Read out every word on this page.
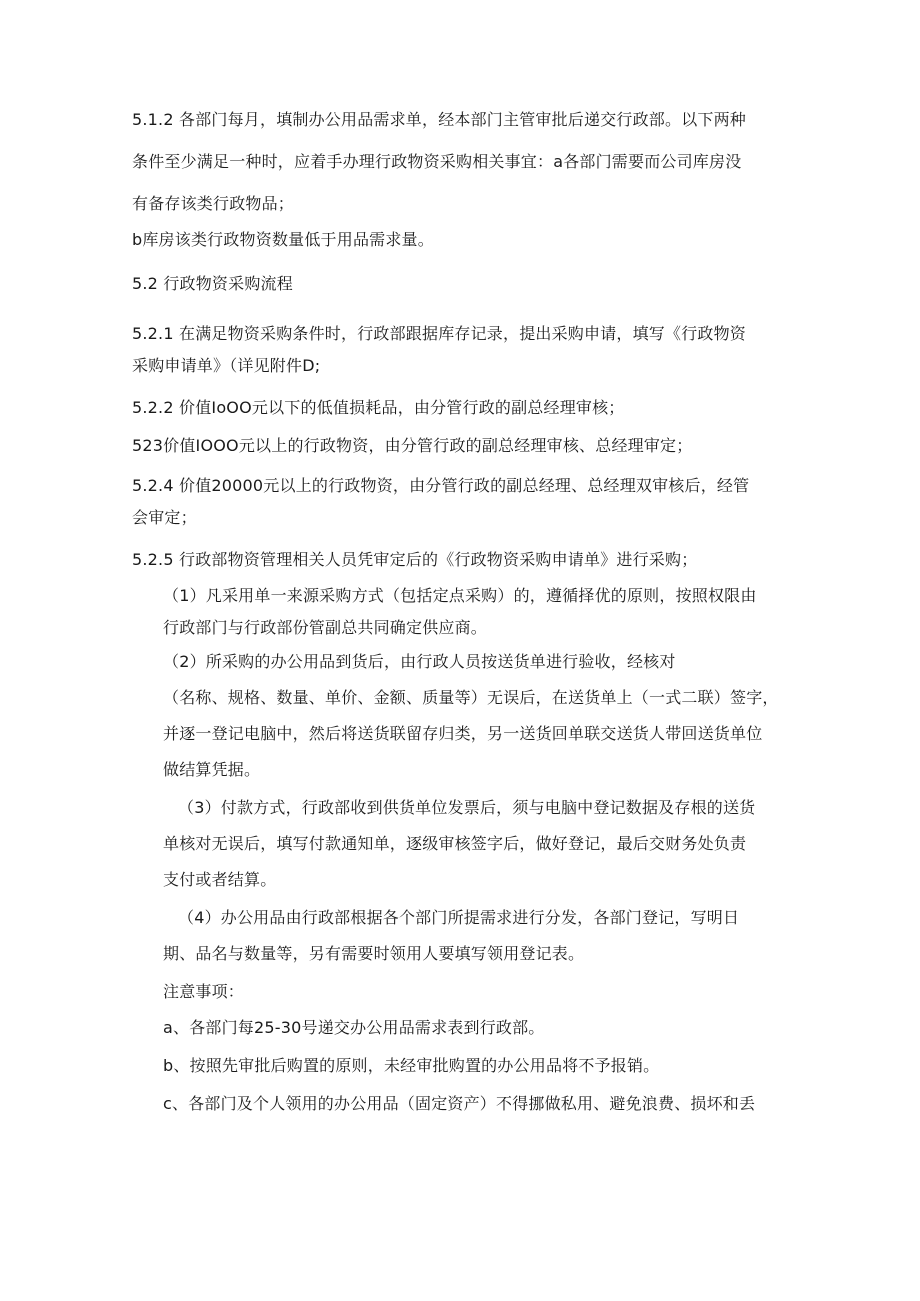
5.1.2 各部门每月，填制办公用品需求单，经本部门主管审批后递交行政部。以下两种

条件至少满足一种时，应着手办理行政物资采购相关事宜：a各部门需要而公司库房没

有备存该类行政物品；

b库房该类行政物资数量低于用品需求量。

5.2 行政物资采购流程

5.2.1 在满足物资采购条件时，行政部跟据库存记录，提出采购申请，填写《行政物资

采购申请单》（详见附件D;

5.2.2 价值IoOO元以下的低值损耗品，由分管行政的副总经理审核；

523价值IOOO元以上的行政物资，由分管行政的副总经理审核、总经理审定；

5.2.4 价值20000元以上的行政物资，由分管行政的副总经理、总经理双审核后，经管

会审定；

5.2.5 行政部物资管理相关人员凭审定后的《行政物资采购申请单》进行采购；

（1）凡采用单一来源采购方式（包括定点采购）的，遵循择优的原则，按照权限由

行政部门与行政部份管副总共同确定供应商。

（2）所采购的办公用品到货后，由行政人员按送货单进行验收，经核对

（名称、规格、数量、单价、金额、质量等）无误后，在送货单上（一式二联）签字，

并逐一登记电脑中，然后将送货联留存归类，另一送货回单联交送货人带回送货单位

做结算凭据。

（3）付款方式，行政部收到供货单位发票后，须与电脑中登记数据及存根的送货

单核对无误后，填写付款通知单，逐级审核签字后，做好登记，最后交财务处负责

支付或者结算。

（4）办公用品由行政部根据各个部门所提需求进行分发，各部门登记，写明日

期、品名与数量等，另有需要时领用人要填写领用登记表。

注意事项：

a、各部门每25-30号递交办公用品需求表到行政部。

b、按照先审批后购置的原则，未经审批购置的办公用品将不予报销。

c、各部门及个人领用的办公用品（固定资产）不得挪做私用、避免浪费、损坏和丢
